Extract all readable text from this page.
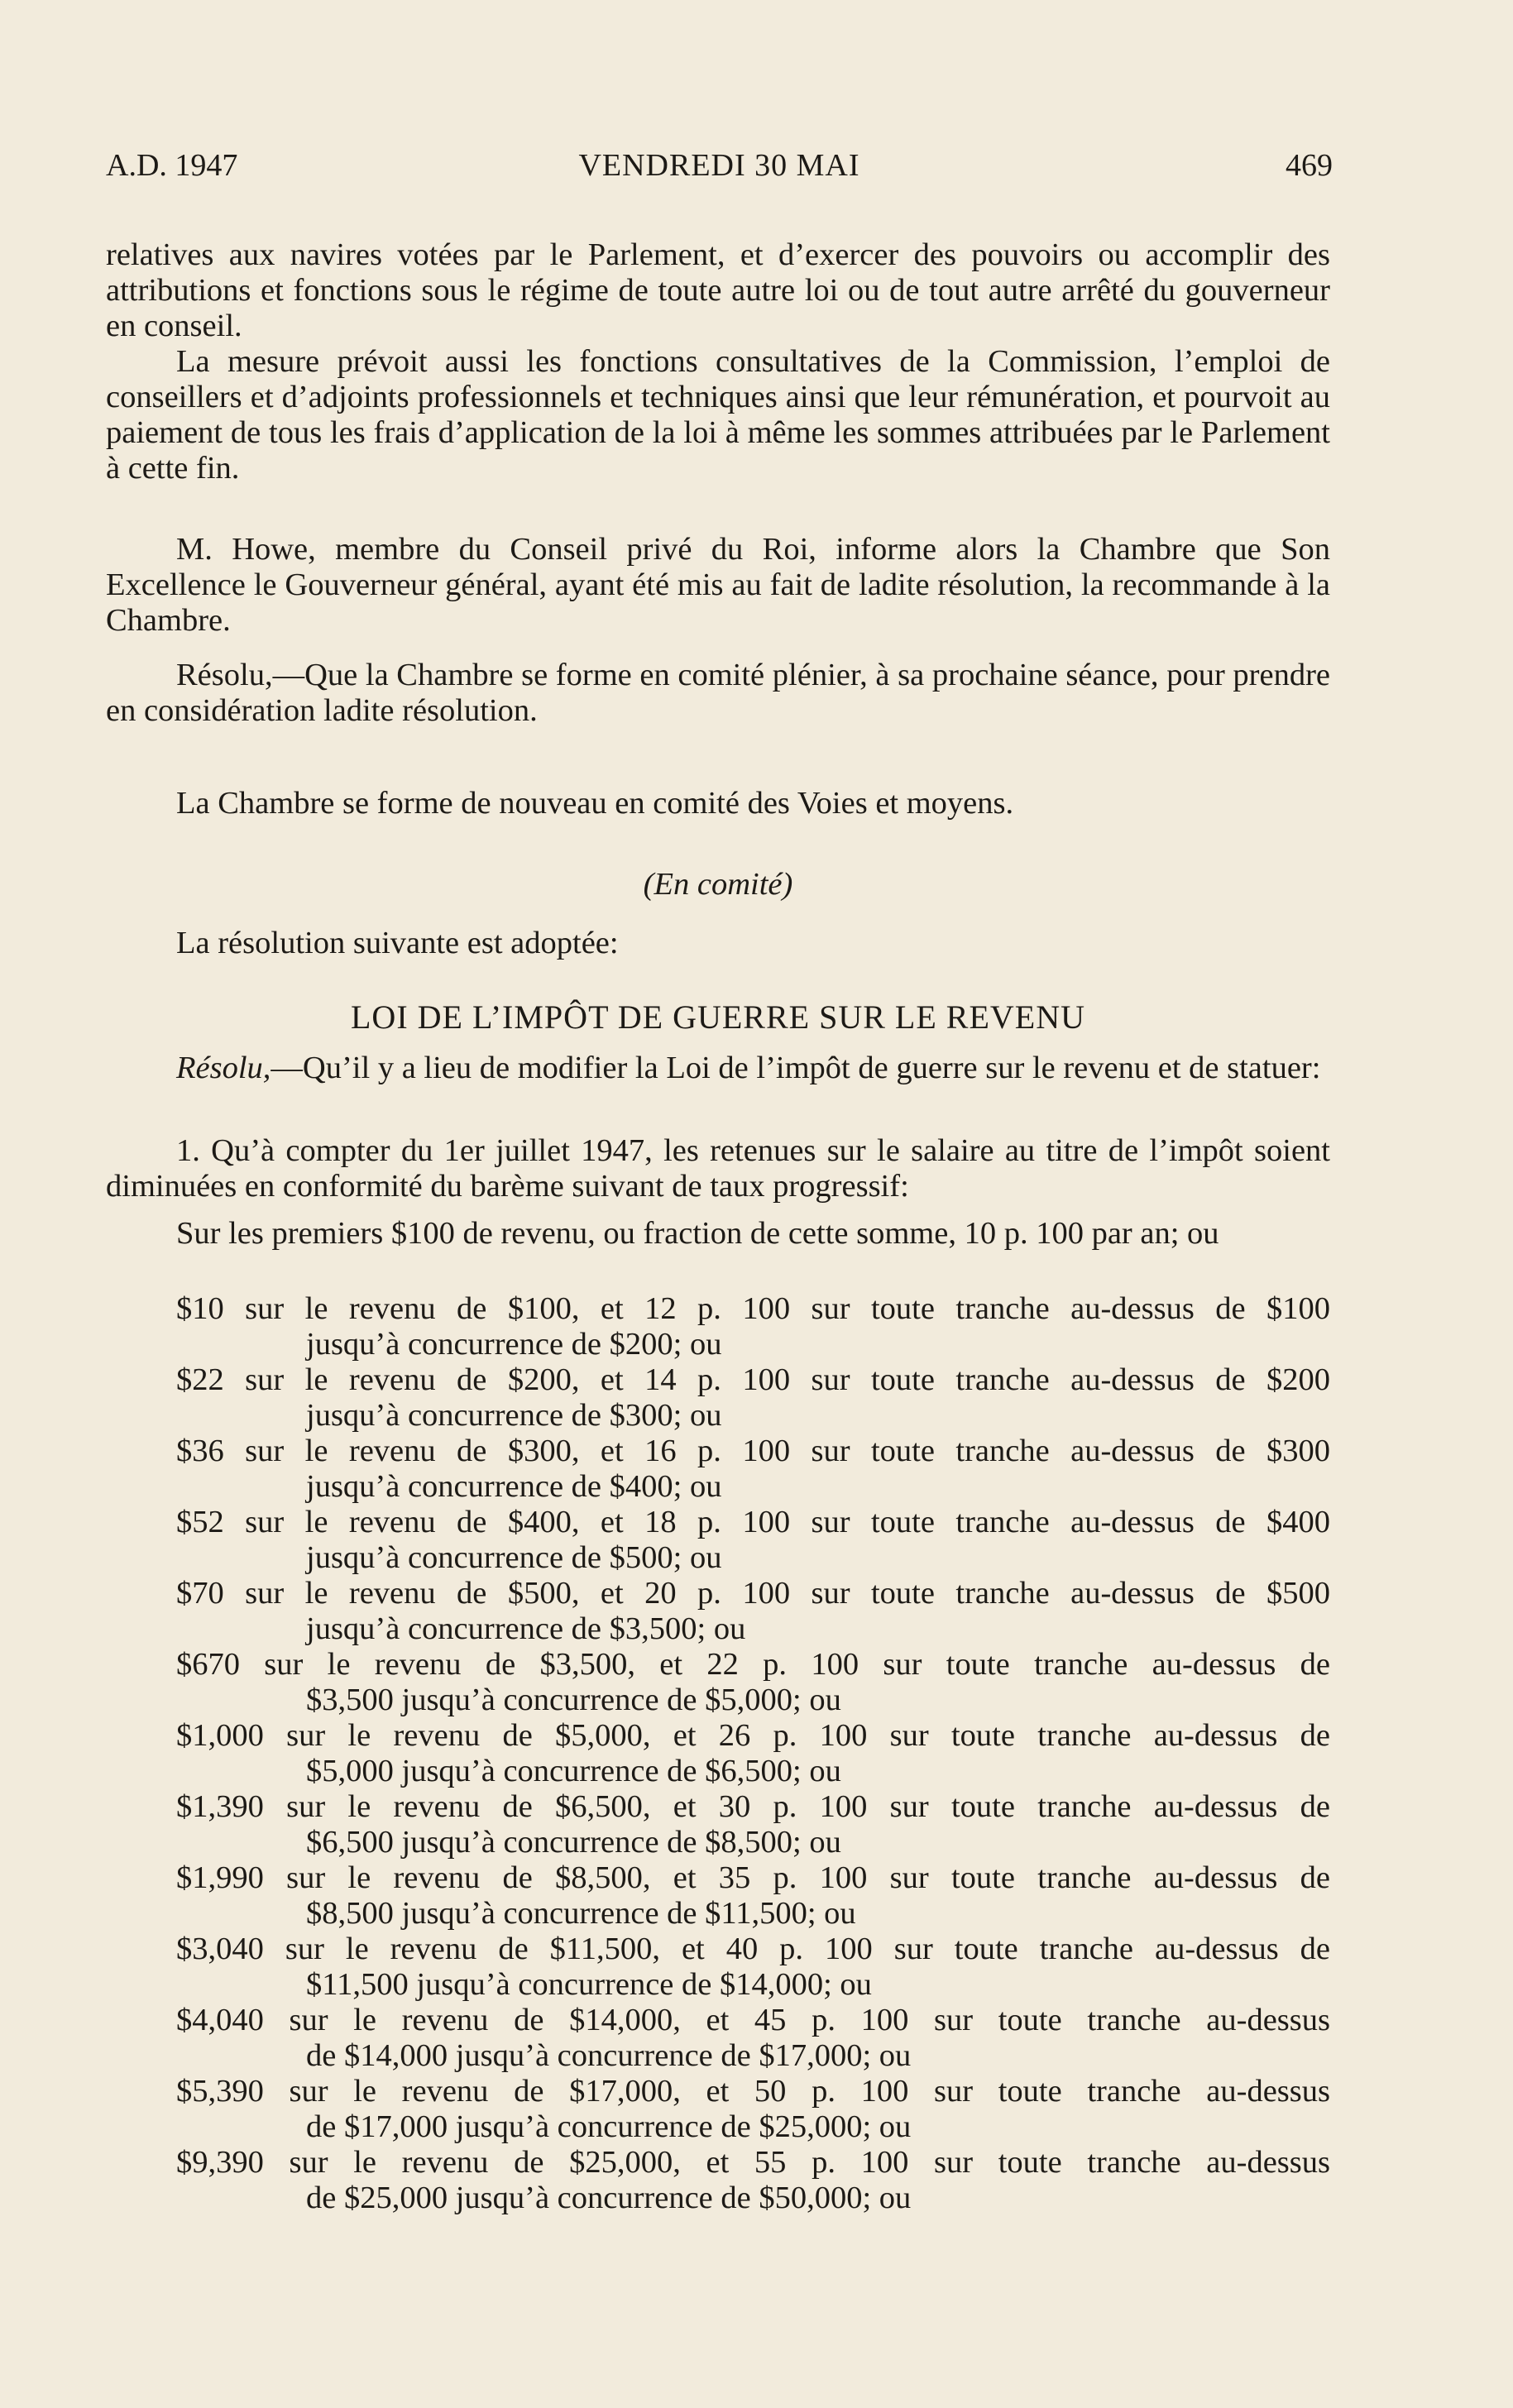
A.D. 1947	VENDREDI 30 MAI	469

relatives aux navires votées par le Parlement, et d’exercer des pouvoirs ou accomplir des attributions et fonctions sous le régime de toute autre loi ou de tout autre arrêté du gouverneur en conseil.

La mesure prévoit aussi les fonctions consultatives de la Commission, l’emploi de conseillers et d’adjoints professionnels et techniques ainsi que leur rémunération, et pourvoit au paiement de tous les frais d’application de la loi à même les sommes attribuées par le Parlement à cette fin.

M. Howe, membre du Conseil privé du Roi, informe alors la Chambre que Son Excellence le Gouverneur général, ayant été mis au fait de ladite résolution, la recommande à la Chambre.

Résolu,—Que la Chambre se forme en comité plénier, à sa prochaine séance, pour prendre en considération ladite résolution.

La Chambre se forme de nouveau en comité des Voies et moyens.

(En comité)

La résolution suivante est adoptée:

LOI DE L’IMPÔT DE GUERRE SUR LE REVENU

Résolu,—Qu’il y a lieu de modifier la Loi de l’impôt de guerre sur le revenu et de statuer:

1. Qu’à compter du 1er juillet 1947, les retenues sur le salaire au titre de l’impôt soient diminuées en conformité du barème suivant de taux progressif:

Sur les premiers $100 de revenu, ou fraction de cette somme, 10 p. 100 par an; ou

$10 sur le revenu de $100, et 12 p. 100 sur toute tranche au-dessus de $100
jusqu’à concurrence de $200; ou
$22 sur le revenu de $200, et 14 p. 100 sur toute tranche au-dessus de $200
jusqu’à concurrence de $300; ou
$36 sur le revenu de $300, et 16 p. 100 sur toute tranche au-dessus de $300
jusqu’à concurrence de $400; ou
$52 sur le revenu de $400, et 18 p. 100 sur toute tranche au-dessus de $400
jusqu’à concurrence de $500; ou
$70 sur le revenu de $500, et 20 p. 100 sur toute tranche au-dessus de $500
jusqu’à concurrence de $3,500; ou
$670 sur le revenu de $3,500, et 22 p. 100 sur toute tranche au-dessus de
$3,500 jusqu’à concurrence de $5,000; ou
$1,000 sur le revenu de $5,000, et 26 p. 100 sur toute tranche au-dessus de
$5,000 jusqu’à concurrence de $6,500; ou
$1,390 sur le revenu de $6,500, et 30 p. 100 sur toute tranche au-dessus de
$6,500 jusqu’à concurrence de $8,500; ou
$1,990 sur le revenu de $8,500, et 35 p. 100 sur toute tranche au-dessus de
$8,500 jusqu’à concurrence de $11,500; ou
$3,040 sur le revenu de $11,500, et 40 p. 100 sur toute tranche au-dessus de
$11,500 jusqu’à concurrence de $14,000; ou
$4,040 sur le revenu de $14,000, et 45 p. 100 sur toute tranche au-dessus
de $14,000 jusqu’à concurrence de $17,000; ou
$5,390 sur le revenu de $17,000, et 50 p. 100 sur toute tranche au-dessus
de $17,000 jusqu’à concurrence de $25,000; ou
$9,390 sur le revenu de $25,000, et 55 p. 100 sur toute tranche au-dessus
de $25,000 jusqu’à concurrence de $50,000; ou
